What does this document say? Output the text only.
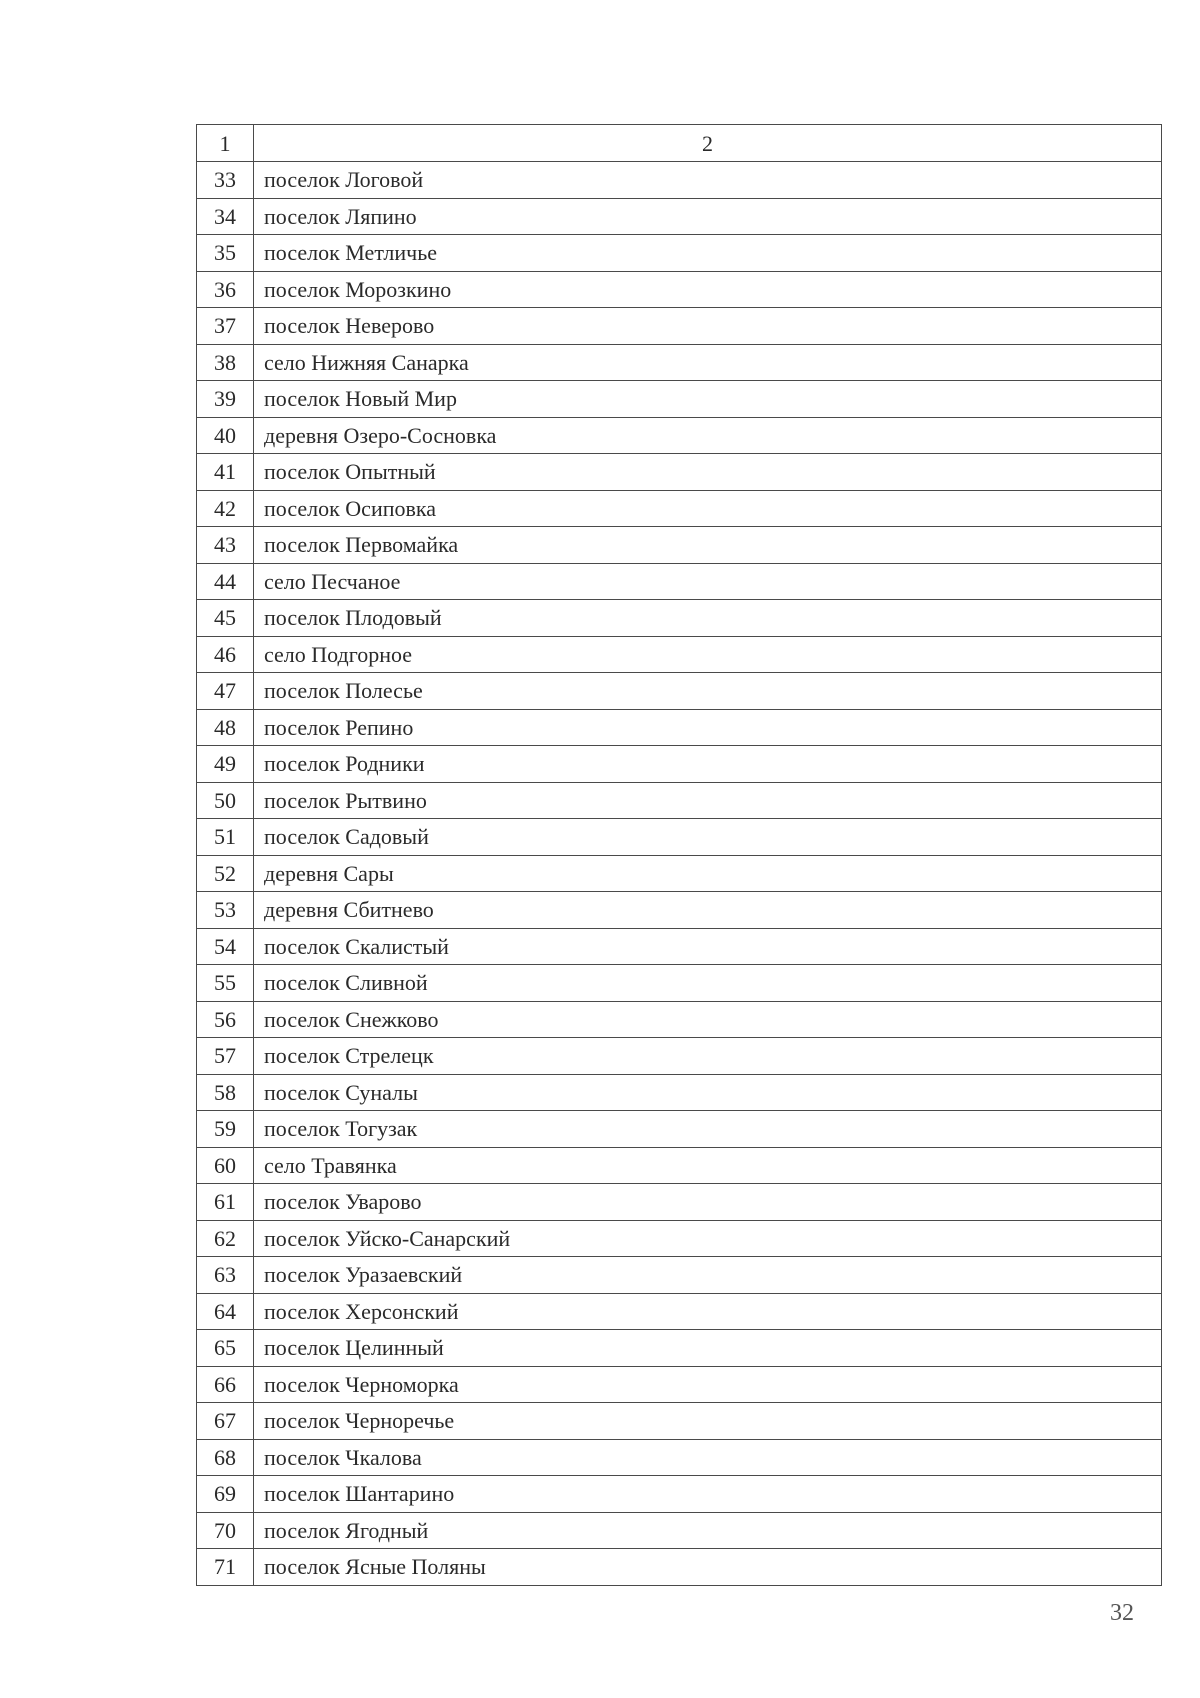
1	2
33	поселок Логовой
34	поселок Ляпино
35	поселок Метличье
36	поселок Морозкино
37	поселок Неверово
38	село Нижняя Санарка
39	поселок Новый Мир
40	деревня Озеро-Сосновка
41	поселок Опытный
42	поселок Осиповка
43	поселок Первомайка
44	село Песчаное
45	поселок Плодовый
46	село Подгорное
47	поселок Полесье
48	поселок Репино
49	поселок Родники
50	поселок Рытвино
51	поселок Садовый
52	деревня Сары
53	деревня Сбитнево
54	поселок Скалистый
55	поселок Сливной
56	поселок Снежково
57	поселок Стрелецк
58	поселок Суналы
59	поселок Тогузак
60	село Травянка
61	поселок Уварово
62	поселок Уйско-Санарский
63	поселок Уразаевский
64	поселок Херсонский
65	поселок Целинный
66	поселок Черноморка
67	поселок Черноречье
68	поселок Чкалова
69	поселок Шантарино
70	поселок Ягодный
71	поселок Ясные Поляны
32
